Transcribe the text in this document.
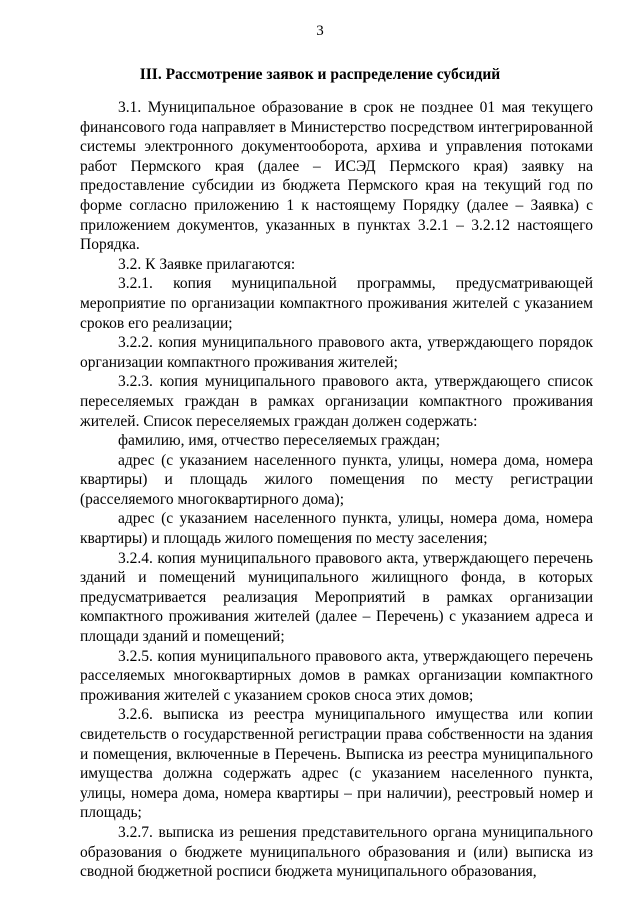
3
III. Рассмотрение заявок и распределение субсидий

3.1. Муниципальное образование в срок не позднее 01 мая текущего финансового года направляет в Министерство посредством интегрированной системы электронного документооборота, архива и управления потоками работ Пермского края (далее – ИСЭД Пермского края) заявку на предоставление субсидии из бюджета Пермского края на текущий год по форме согласно приложению 1 к настоящему Порядку (далее – Заявка) с приложением документов, указанных в пунктах 3.2.1 – 3.2.12 настоящего Порядка.

3.2. К Заявке прилагаются:

3.2.1. копия муниципальной программы, предусматривающей мероприятие по организации компактного проживания жителей с указанием сроков его реализации;

3.2.2. копия муниципального правового акта, утверждающего порядок организации компактного проживания жителей;

3.2.3. копия муниципального правового акта, утверждающего список переселяемых граждан в рамках организации компактного проживания жителей. Список переселяемых граждан должен содержать:

фамилию, имя, отчество переселяемых граждан;

адрес (с указанием населенного пункта, улицы, номера дома, номера квартиры) и площадь жилого помещения по месту регистрации (расселяемого многоквартирного дома);

адрес (с указанием населенного пункта, улицы, номера дома, номера квартиры) и площадь жилого помещения по месту заселения;

3.2.4. копия муниципального правового акта, утверждающего перечень зданий и помещений муниципального жилищного фонда, в которых предусматривается реализация Мероприятий в рамках организации компактного проживания жителей (далее – Перечень) с указанием адреса и площади зданий и помещений;

3.2.5. копия муниципального правового акта, утверждающего перечень расселяемых многоквартирных домов в рамках организации компактного проживания жителей с указанием сроков сноса этих домов;

3.2.6. выписка из реестра муниципального имущества или копии свидетельств о государственной регистрации права собственности на здания и помещения, включенные в Перечень. Выписка из реестра муниципального имущества должна содержать адрес (с указанием населенного пункта, улицы, номера дома, номера квартиры – при наличии), реестровый номер и площадь;

3.2.7. выписка из решения представительного органа муниципального образования о бюджете муниципального образования и (или) выписка из сводной бюджетной росписи бюджета муниципального образования,
